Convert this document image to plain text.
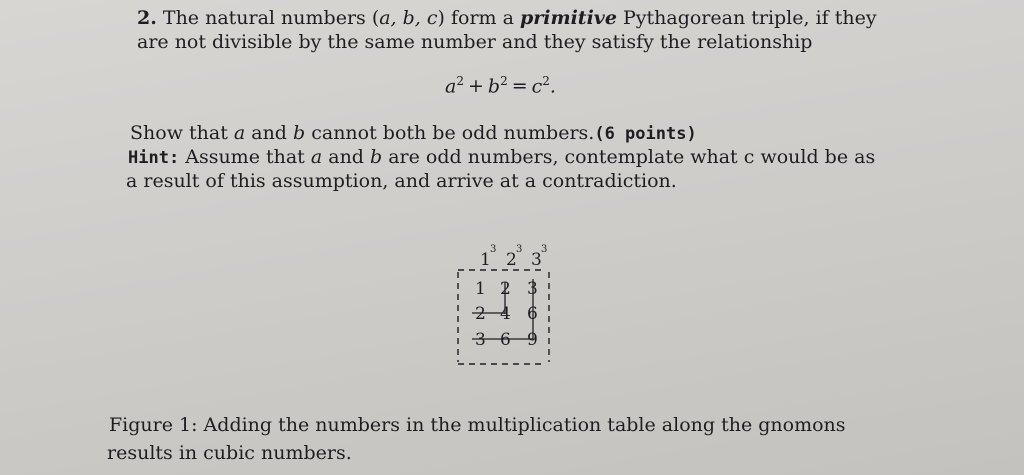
2. The natural numbers (a, b, c) form a primitive Pythagorean triple, if they
are not divisible by the same number and they satisfy the relationship
$a^2 + b^2 = c^2$.
Show that a and b cannot both be odd numbers.(6 points)
Hint: Assume that a and b are odd numbers, contemplate what c would be as
a result of this assumption, and arrive at a contradiction.
1
3
2
3
3
3
1 2 3
2 4 6
3 6 9
Figure 1: Adding the numbers in the multiplication table along the gnomons
results in cubic numbers.
